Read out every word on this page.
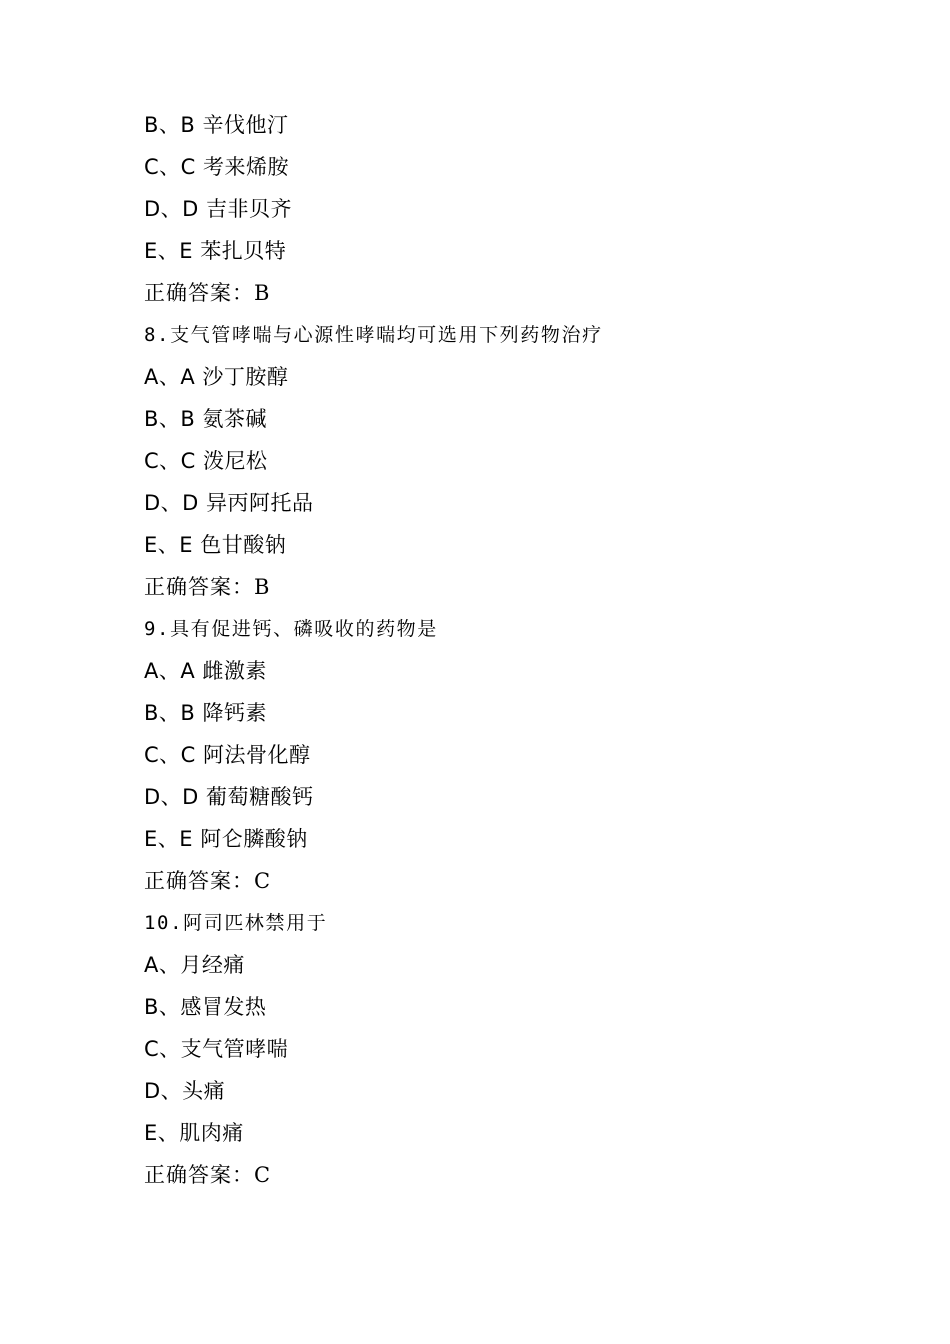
B、B 辛伐他汀
C、C 考来烯胺
D、D 吉非贝齐
E、E 苯扎贝特
正确答案：B
8.支气管哮喘与心源性哮喘均可选用下列药物治疗
A、A 沙丁胺醇
B、B 氨茶碱
C、C 泼尼松
D、D 异丙阿托品
E、E 色甘酸钠
正确答案：B
9.具有促进钙、磷吸收的药物是
A、A 雌激素
B、B 降钙素
C、C 阿法骨化醇
D、D 葡萄糖酸钙
E、E 阿仑膦酸钠
正确答案：C
10.阿司匹林禁用于
A、月经痛
B、感冒发热
C、支气管哮喘
D、头痛
E、肌肉痛
正确答案：C
